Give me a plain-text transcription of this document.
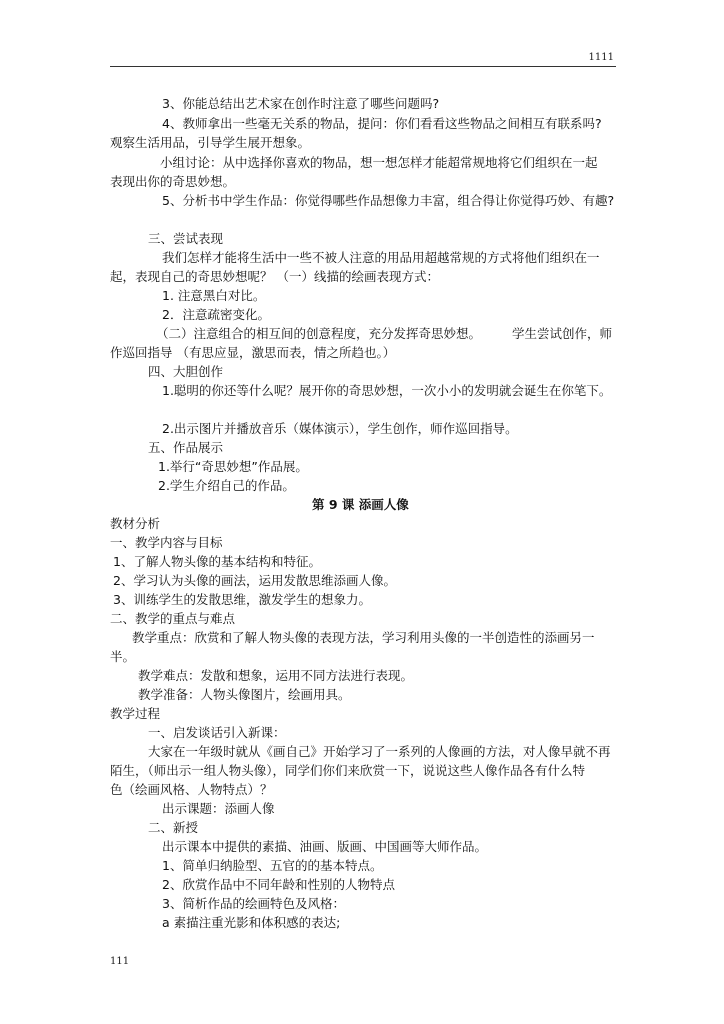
1111
3、你能总结出艺术家在创作时注意了哪些问题吗?
4、教师拿出一些毫无关系的物品，提问：你们看看这些物品之间相互有联系吗?
观察生活用品，引导学生展开想象。
小组讨论：从中选择你喜欢的物品，想一想怎样才能超常规地将它们组织在一起
表现出你的奇思妙想。
5、分析书中学生作品：你觉得哪些作品想像力丰富，组合得让你觉得巧妙、有趣?
三、尝试表现
我们怎样才能将生活中一些不被人注意的用品用超越常规的方式将他们组织在一
起，表现自己的奇思妙想呢？ （一）线描的绘画表现方式：
1. 注意黑白对比。
2．注意疏密变化。
（二）注意组合的相互间的创意程度，充分发挥奇思妙想。 学生尝试创作，师
作巡回指导 （有思应显，激思而表，情之所趋也。）
四、大胆创作
1.聪明的你还等什么呢？展开你的奇思妙想，一次小小的发明就会诞生在你笔下。
2.出示图片并播放音乐（媒体演示），学生创作，师作巡回指导。
五、作品展示
1.举行“奇思妙想”作品展。
2.学生介绍自己的作品。
第 9 课 添画人像
教材分析
一、教学内容与目标
1、了解人物头像的基本结构和特征。
2、学习认为头像的画法，运用发散思维添画人像。
3、训练学生的发散思维，激发学生的想象力。
二、教学的重点与难点
教学重点：欣赏和了解人物头像的表现方法，学习利用头像的一半创造性的添画另一
半。
教学难点：发散和想象，运用不同方法进行表现。
教学准备：人物头像图片，绘画用具。
教学过程
一、启发谈话引入新课：
大家在一年级时就从《画自己》开始学习了一系列的人像画的方法，对人像早就不再
陌生，（师出示一组人物头像），同学们你们来欣赏一下，说说这些人像作品各有什么特
色（绘画风格、人物特点）？
出示课题：添画人像
二、新授
出示课本中提供的素描、油画、版画、中国画等大师作品。
1、简单归纳脸型、五官的的基本特点。
2、欣赏作品中不同年龄和性别的人物特点
3、简析作品的绘画特色及风格：
a 素描注重光影和体积感的表达;
111
